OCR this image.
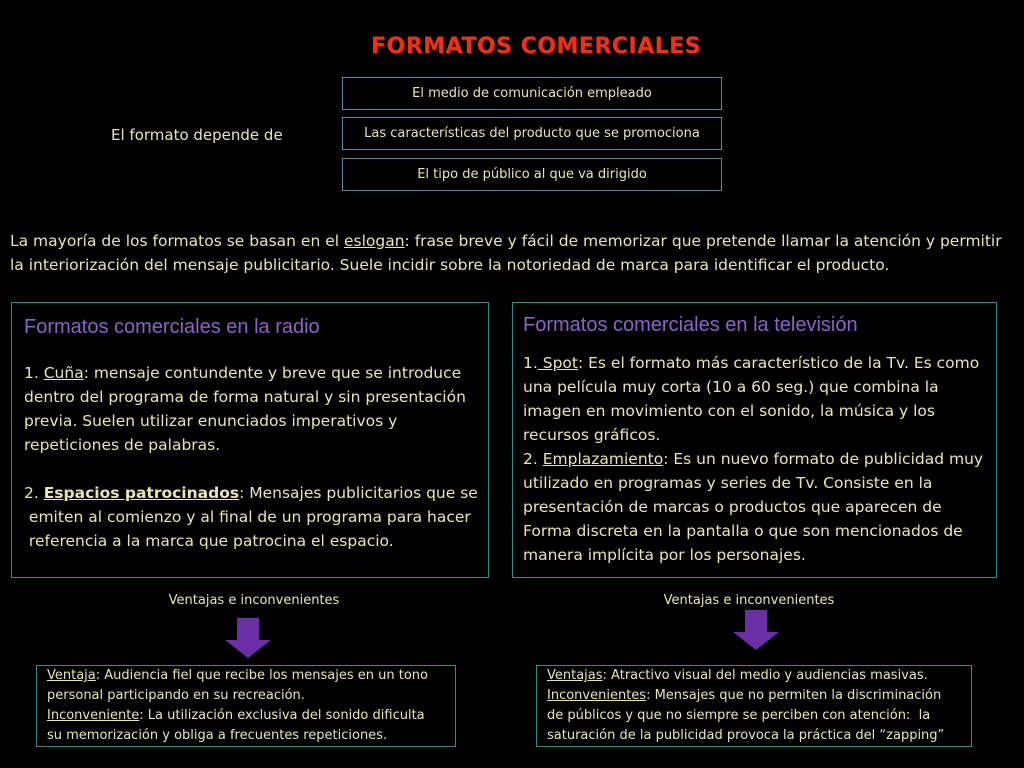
FORMATOS COMERCIALES
El formato depende de
El medio de comunicación empleado
Las características del producto que se promociona
El tipo de público al que va dirigido
La mayoría de los formatos se basan en el eslogan: frase breve y fácil de memorizar que pretende llamar la atención y permitir la interiorización del mensaje publicitario. Suele incidir sobre la notoriedad de marca para identificar el producto.
Formatos comerciales en la radio

1. Cuña: mensaje contundente y breve que se introduce dentro del programa de forma natural y sin presentación previa. Suelen utilizar enunciados imperativos y repeticiones de palabras.

2. Espacios patrocinados: Mensajes publicitarios que se
emiten al comienzo y al final de un programa para hacer
referencia a la marca que patrocina el espacio.

Formatos comerciales en la televisión

1. Spot: Es el formato más característico de la Tv. Es como una película muy corta (10 a 60 seg.) que combina la imagen en movimiento con el sonido, la música y los recursos gráficos.

2. Emplazamiento: Es un nuevo formato de publicidad muy utilizado en programas y series de Tv. Consiste en la presentación de marcas o productos que aparecen de Forma discreta en la pantalla o que son mencionados de manera implícita por los personajes.

Ventajas e inconvenientes	Ventajas e inconvenientes

Ventaja: Audiencia fiel que recibe los mensajes en un tono

personal participando en su recreación.

Inconveniente: La utilización exclusiva del sonido dificulta

su memorización y obliga a frecuentes repeticiones.

Ventajas: Atractivo visual del medio y audiencias masivas.

Inconvenientes: Mensajes que no permiten la discriminación

de públicos y que no siempre se perciben con atención:  la

saturación de la publicidad provoca la práctica del “zapping”
